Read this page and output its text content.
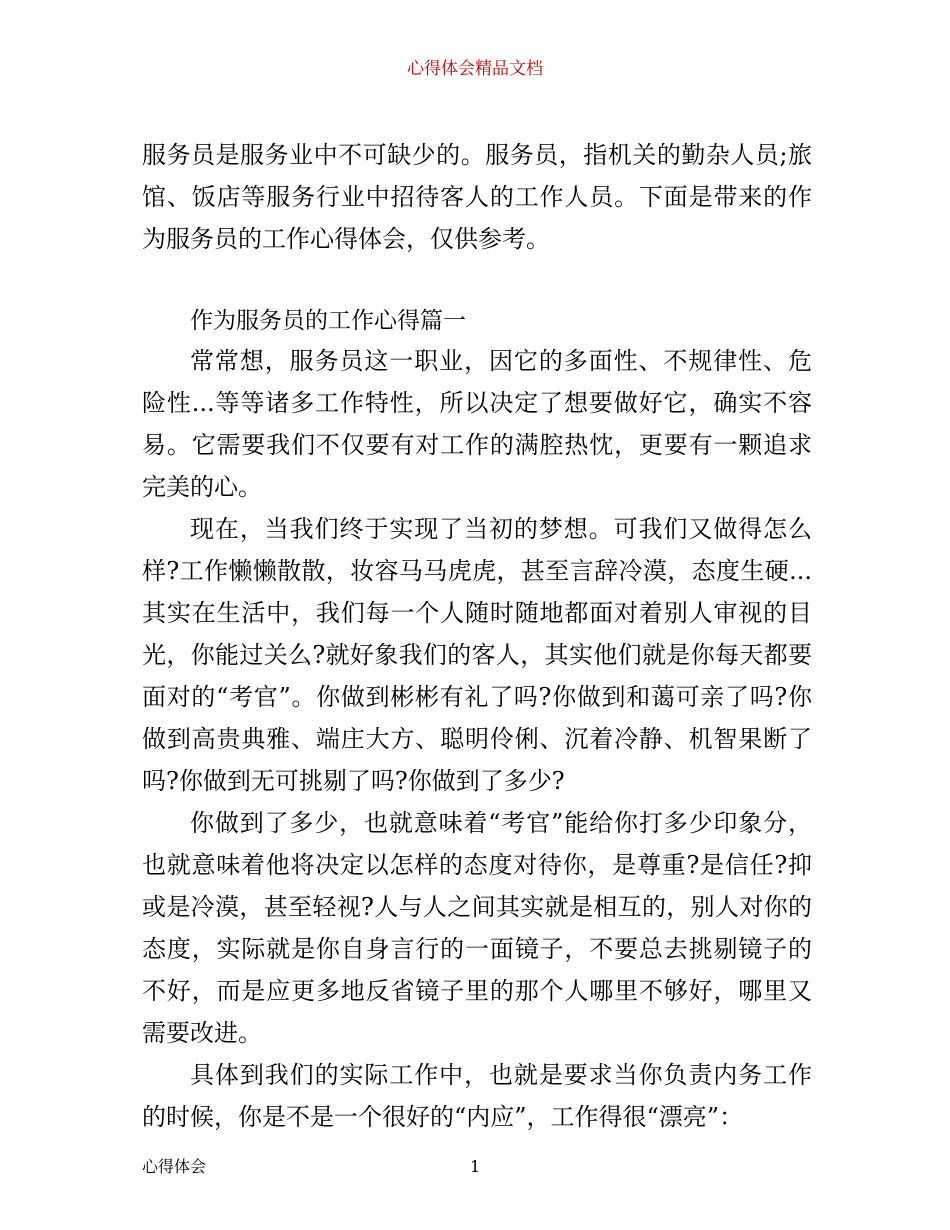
心得体会精品文档

服务员是服务业中不可缺少的。服务员，指机关的勤杂人员;旅馆、饭店等服务行业中招待客人的工作人员。下面是带来的作为服务员的工作心得体会，仅供参考。

作为服务员的工作心得篇一

常常想，服务员这一职业，因它的多面性、不规律性、危险性...等等诸多工作特性，所以决定了想要做好它，确实不容易。它需要我们不仅要有对工作的满腔热忱，更要有一颗追求完美的心。

现在，当我们终于实现了当初的梦想。可我们又做得怎么样?工作懒懒散散，妆容马马虎虎，甚至言辞冷漠，态度生硬... 其实在生活中，我们每一个人随时随地都面对着别人审视的目光，你能过关么?就好象我们的客人，其实他们就是你每天都要面对的“考官”。你做到彬彬有礼了吗?你做到和蔼可亲了吗?你做到高贵典雅、端庄大方、聪明伶俐、沉着冷静、机智果断了吗?你做到无可挑剔了吗?你做到了多少?

你做到了多少，也就意味着“考官”能给你打多少印象分，也就意味着他将决定以怎样的态度对待你，是尊重?是信任?抑或是冷漠，甚至轻视?人与人之间其实就是相互的，别人对你的态度，实际就是你自身言行的一面镜子，不要总去挑剔镜子的不好，而是应更多地反省镜子里的那个人哪里不够好，哪里又需要改进。

具体到我们的实际工作中，也就是要求当你负责内务工作的时候，你是不是一个很好的“内应”，工作得很“漂亮”：

心得体会	1
